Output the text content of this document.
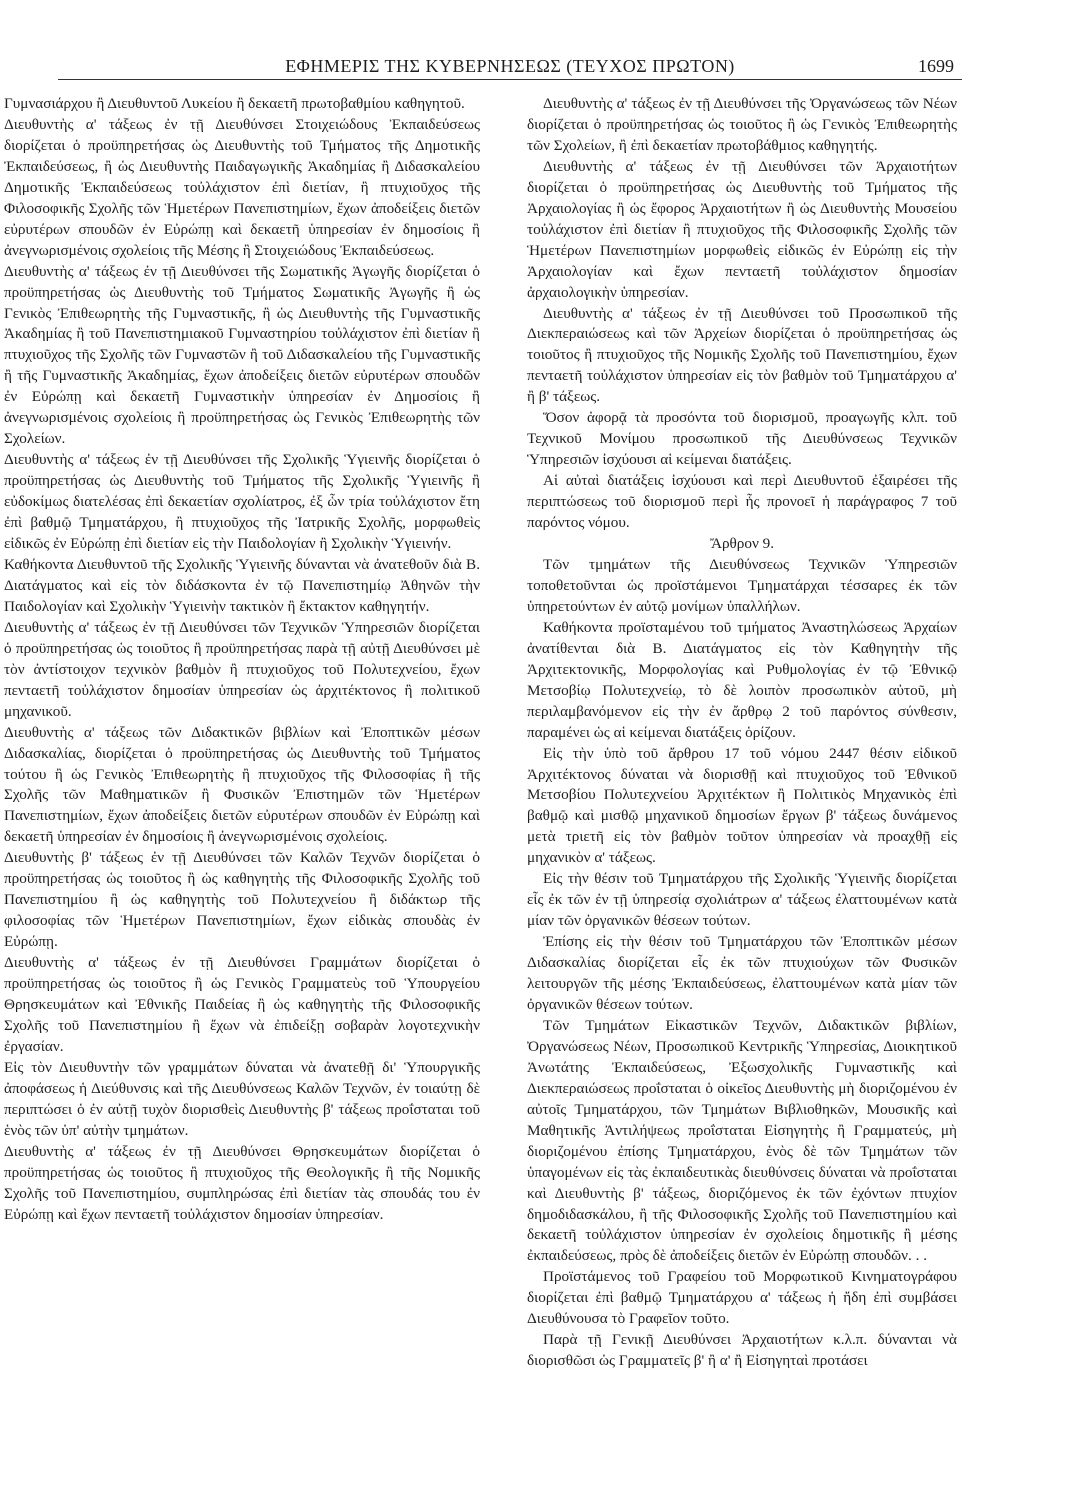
ΕΦΗΜΕΡΙΣ ΤΗΣ ΚΥΒΕΡΝΗΣΕΩΣ (ΤΕΥΧΟΣ ΠΡΩΤΟΝ)	1699

Γυμνασιάρχου ἢ Διευθυντοῦ Λυκείου ἢ δεκαετῆ πρωτοβαθμίου καθηγητοῦ.

Διευθυντὴς α' τάξεως ἐν τῇ Διευθύνσει Στοιχειώδους Ἐκπαιδεύσεως διορίζεται ὁ προϋπηρετήσας ὡς Διευθυντὴς τοῦ Τμήματος τῆς Δημοτικῆς Ἐκπαιδεύσεως, ἢ ὡς Διευθυντὴς Παιδαγωγικῆς Ἀκαδημίας ἢ Διδασκαλείου Δημοτικῆς Ἐκπαιδεύσεως τοὐλάχιστον ἐπὶ διετίαν, ἢ πτυχιοῦχος τῆς Φιλοσοφικῆς Σχολῆς τῶν Ἡμετέρων Πανεπιστημίων, ἔχων ἀποδείξεις διετῶν εὐρυτέρων σπουδῶν ἐν Εὐρώπῃ καὶ δεκαετῆ ὑπηρεσίαν ἐν δημοσίοις ἢ ἀνεγνωρισμένοις σχολείοις τῆς Μέσης ἢ Στοιχειώδους Ἐκπαιδεύσεως.

Διευθυντὴς α' τάξεως ἐν τῇ Διευθύνσει τῆς Σωματικῆς Ἀγωγῆς διορίζεται ὁ προϋπηρετήσας ὡς Διευθυντὴς τοῦ Τμήματος Σωματικῆς Ἀγωγῆς ἢ ὡς Γενικὸς Ἐπιθεωρητὴς τῆς Γυμναστικῆς, ἢ ὡς Διευθυντὴς τῆς Γυμναστικῆς Ἀκαδημίας ἢ τοῦ Πανεπιστημιακοῦ Γυμναστηρίου τοὐλάχιστον ἐπὶ διετίαν ἢ πτυχιοῦχος τῆς Σχολῆς τῶν Γυμναστῶν ἢ τοῦ Διδασκαλείου τῆς Γυμναστικῆς ἢ τῆς Γυμναστικῆς Ἀκαδημίας, ἔχων ἀποδείξεις διετῶν εὐρυτέρων σπουδῶν ἐν Εὐρώπῃ καὶ δεκαετῆ Γυμναστικὴν ὑπηρεσίαν ἐν Δημοσίοις ἢ ἀνεγνωρισμένοις σχολείοις ἢ προϋπηρετήσας ὡς Γενικὸς Ἐπιθεωρητὴς τῶν Σχολείων.

Διευθυντὴς α' τάξεως ἐν τῇ Διευθύνσει τῆς Σχολικῆς Ὑγιεινῆς διορίζεται ὁ προϋπηρετήσας ὡς Διευθυντὴς τοῦ Τμήματος τῆς Σχολικῆς Ὑγιεινῆς ἢ εὐδοκίμως διατελέσας ἐπὶ δεκαετίαν σχολίατρος, ἐξ ὧν τρία τοὐλάχιστον ἔτη ἐπὶ βαθμῷ Τμηματάρχου, ἢ πτυχιοῦχος τῆς Ἰατρικῆς Σχολῆς, μορφωθεὶς εἰδικῶς ἐν Εὐρώπῃ ἐπὶ διετίαν εἰς τὴν Παιδολογίαν ἢ Σχολικὴν Ὑγιεινήν.

Καθήκοντα Διευθυντοῦ τῆς Σχολικῆς Ὑγιεινῆς δύνανται νὰ ἀνατεθοῦν διὰ Β. Διατάγματος καὶ εἰς τὸν διδάσκοντα ἐν τῷ Πανεπιστημίῳ Ἀθηνῶν τὴν Παιδολογίαν καὶ Σχολικὴν Ὑγιεινὴν τακτικὸν ἢ ἔκτακτον καθηγητήν.

Διευθυντὴς α' τάξεως ἐν τῇ Διευθύνσει τῶν Τεχνικῶν Ὑπηρεσιῶν διορίζεται ὁ προϋπηρετήσας ὡς τοιοῦτος ἢ προϋπηρετήσας παρὰ τῇ αὐτῇ Διευθύνσει μὲ τὸν ἀντίστοιχον τεχνικὸν βαθμὸν ἢ πτυχιοῦχος τοῦ Πολυτεχνείου, ἔχων πενταετῆ τοὐλάχιστον δημοσίαν ὑπηρεσίαν ὡς ἀρχιτέκτονος ἢ πολιτικοῦ μηχανικοῦ.

Διευθυντὴς α' τάξεως τῶν Διδακτικῶν βιβλίων καὶ Ἐποπτικῶν μέσων Διδασκαλίας, διορίζεται ὁ προϋπηρετήσας ὡς Διευθυντὴς τοῦ Τμήματος τούτου ἢ ὡς Γενικὸς Ἐπιθεωρητὴς ἢ πτυχιοῦχος τῆς Φιλοσοφίας ἢ τῆς Σχολῆς τῶν Μαθηματικῶν ἢ Φυσικῶν Ἐπιστημῶν τῶν Ἡμετέρων Πανεπιστημίων, ἔχων ἀποδείξεις διετῶν εὐρυτέρων σπουδῶν ἐν Εὐρώπῃ καὶ δεκαετῆ ὑπηρεσίαν ἐν δημοσίοις ἢ ἀνεγνωρισμένοις σχολείοις.

Διευθυντὴς β' τάξεως ἐν τῇ Διευθύνσει τῶν Καλῶν Τεχνῶν διορίζεται ὁ προϋπηρετήσας ὡς τοιοῦτος ἢ ὡς καθηγητὴς τῆς Φιλοσοφικῆς Σχολῆς τοῦ Πανεπιστημίου ἢ ὡς καθηγητὴς τοῦ Πολυτεχνείου ἢ διδάκτωρ τῆς φιλοσοφίας τῶν Ἡμετέρων Πανεπιστημίων, ἔχων εἰδικὰς σπουδὰς ἐν Εὐρώπῃ.

Διευθυντὴς α' τάξεως ἐν τῇ Διευθύνσει Γραμμάτων διορίζεται ὁ προϋπηρετήσας ὡς τοιοῦτος ἢ ὡς Γενικὸς Γραμματεὺς τοῦ Ὑπουργείου Θρησκευμάτων καὶ Ἐθνικῆς Παιδείας ἢ ὡς καθηγητὴς τῆς Φιλοσοφικῆς Σχολῆς τοῦ Πανεπιστημίου ἢ ἔχων νὰ ἐπιδείξῃ σοβαρὰν λογοτεχνικὴν ἐργασίαν.

Εἰς τὸν Διευθυντὴν τῶν γραμμάτων δύναται νὰ ἀνατεθῇ δι' Ὑπουργικῆς ἀποφάσεως ἡ Διεύθυνσις καὶ τῆς Διευθύνσεως Καλῶν Τεχνῶν, ἐν τοιαύτῃ δὲ περιπτώσει ὁ ἐν αὐτῇ τυχὸν διορισθεὶς Διευθυντὴς β' τάξεως προΐσταται τοῦ ἑνὸς τῶν ὑπ' αὐτὴν τμημάτων.

Διευθυντὴς α' τάξεως ἐν τῇ Διευθύνσει Θρησκευμάτων διορίζεται ὁ προϋπηρετήσας ὡς τοιοῦτος ἢ πτυχιοῦχος τῆς Θεολογικῆς ἢ τῆς Νομικῆς Σχολῆς τοῦ Πανεπιστημίου, συμπληρώσας ἐπὶ διετίαν τὰς σπουδάς του ἐν Εὐρώπῃ καὶ ἔχων πενταετῆ τοὐλάχιστον δημοσίαν ὑπηρεσίαν.

Διευθυντὴς α' τάξεως ἐν τῇ Διευθύνσει τῆς Ὀργανώσεως τῶν Νέων διορίζεται ὁ προϋπηρετήσας ὡς τοιοῦτος ἢ ὡς Γενικὸς Ἐπιθεωρητὴς τῶν Σχολείων, ἢ ἐπὶ δεκαετίαν πρωτοβάθμιος καθηγητής.

Διευθυντὴς α' τάξεως ἐν τῇ Διευθύνσει τῶν Ἀρχαιοτήτων διορίζεται ὁ προϋπηρετήσας ὡς Διευθυντὴς τοῦ Τμήματος τῆς Ἀρχαιολογίας ἢ ὡς ἔφορος Ἀρχαιοτήτων ἢ ὡς Διευθυντὴς Μουσείου τοὐλάχιστον ἐπὶ διετίαν ἢ πτυχιοῦχος τῆς Φιλοσοφικῆς Σχολῆς τῶν Ἡμετέρων Πανεπιστημίων μορφωθεὶς εἰδικῶς ἐν Εὐρώπῃ εἰς τὴν Ἀρχαιολογίαν καὶ ἔχων πενταετῆ τοὐλάχιστον δημοσίαν ἀρχαιολογικὴν ὑπηρεσίαν.

Διευθυντὴς α' τάξεως ἐν τῇ Διευθύνσει τοῦ Προσωπικοῦ τῆς Διεκπεραιώσεως καὶ τῶν Ἀρχείων διορίζεται ὁ προϋπηρετήσας ὡς τοιοῦτος ἢ πτυχιοῦχος τῆς Νομικῆς Σχολῆς τοῦ Πανεπιστημίου, ἔχων πενταετῆ τοὐλάχιστον ὑπηρεσίαν εἰς τὸν βαθμὸν τοῦ Τμηματάρχου α' ἢ β' τάξεως.

Ὅσον ἀφορᾷ τὰ προσόντα τοῦ διορισμοῦ, προαγωγῆς κλπ. τοῦ Τεχνικοῦ Μονίμου προσωπικοῦ τῆς Διευθύνσεως Τεχνικῶν Ὑπηρεσιῶν ἰσχύουσι αἱ κείμεναι διατάξεις.

Αἱ αὐταὶ διατάξεις ἰσχύουσι καὶ περὶ Διευθυντοῦ ἐξαιρέσει τῆς περιπτώσεως τοῦ διορισμοῦ περὶ ἧς προνοεῖ ἡ παράγραφος 7 τοῦ παρόντος νόμου.

Ἄρθρον 9.

Τῶν τμημάτων τῆς Διευθύνσεως Τεχνικῶν Ὑπηρεσιῶν τοποθετοῦνται ὡς προϊστάμενοι Τμηματάρχαι τέσσαρες ἐκ τῶν ὑπηρετούντων ἐν αὐτῷ μονίμων ὑπαλλήλων.

Καθήκοντα προϊσταμένου τοῦ τμήματος Ἀναστηλώσεως Ἀρχαίων ἀνατίθενται διὰ Β. Διατάγματος εἰς τὸν Καθηγητὴν τῆς Ἀρχιτεκτονικῆς, Μορφολογίας καὶ Ρυθμολογίας ἐν τῷ Ἐθνικῷ Μετσοβίῳ Πολυτεχνείῳ, τὸ δὲ λοιπὸν προσωπικὸν αὐτοῦ, μὴ περιλαμβανόμενον εἰς τὴν ἐν ἄρθρῳ 2 τοῦ παρόντος σύνθεσιν, παραμένει ὡς αἱ κείμεναι διατάξεις ὁρίζουν.

Εἰς τὴν ὑπὸ τοῦ ἄρθρου 17 τοῦ νόμου 2447 θέσιν εἰδικοῦ Ἀρχιτέκτονος δύναται νὰ διορισθῇ καὶ πτυχιοῦχος τοῦ Ἐθνικοῦ Μετσοβίου Πολυτεχνείου Ἀρχιτέκτων ἢ Πολιτικὸς Μηχανικὸς ἐπὶ βαθμῷ καὶ μισθῷ μηχανικοῦ δημοσίων ἔργων β' τάξεως δυνάμενος μετὰ τριετῆ εἰς τὸν βαθμὸν τοῦτον ὑπηρεσίαν νὰ προαχθῇ εἰς μηχανικὸν α' τάξεως.

Εἰς τὴν θέσιν τοῦ Τμηματάρχου τῆς Σχολικῆς Ὑγιεινῆς διορίζεται εἷς ἐκ τῶν ἐν τῇ ὑπηρεσίᾳ σχολιάτρων α' τάξεως ἐλαττουμένων κατὰ μίαν τῶν ὀργανικῶν θέσεων τούτων.

Ἐπίσης εἰς τὴν θέσιν τοῦ Τμηματάρχου τῶν Ἐποπτικῶν μέσων Διδασκαλίας διορίζεται εἷς ἐκ τῶν πτυχιούχων τῶν Φυσικῶν λειτουργῶν τῆς μέσης Ἐκπαιδεύσεως, ἐλαττουμένων κατὰ μίαν τῶν ὀργανικῶν θέσεων τούτων.

Τῶν Τμημάτων Εἰκαστικῶν Τεχνῶν, Διδακτικῶν βιβλίων, Ὀργανώσεως Νέων, Προσωπικοῦ Κεντρικῆς Ὑπηρεσίας, Διοικητικοῦ Ἀνωτάτης Ἐκπαιδεύσεως, Ἐξωσχολικῆς Γυμναστικῆς καὶ Διεκπεραιώσεως προΐσταται ὁ οἰκεῖος Διευθυντὴς μὴ διοριζομένου ἐν αὐτοῖς Τμηματάρχου, τῶν Τμημάτων Βιβλιοθηκῶν, Μουσικῆς καὶ Μαθητικῆς Ἀντιλήψεως προΐσταται Εἰσηγητὴς ἢ Γραμματεύς, μὴ διοριζομένου ἐπίσης Τμηματάρχου, ἑνὸς δὲ τῶν Τμημάτων τῶν ὑπαγομένων εἰς τὰς ἐκπαιδευτικὰς διευθύνσεις δύναται νὰ προΐσταται καὶ Διευθυντὴς β' τάξεως, διοριζόμενος ἐκ τῶν ἐχόντων πτυχίον δημοδιδασκάλου, ἢ τῆς Φιλοσοφικῆς Σχολῆς τοῦ Πανεπιστημίου καὶ δεκαετῆ τοὐλάχιστον ὑπηρεσίαν ἐν σχολείοις δημοτικῆς ἢ μέσης ἐκπαιδεύσεως, πρὸς δὲ ἀποδείξεις διετῶν ἐν Εὐρώπῃ σπουδῶν. . .

Προϊστάμενος τοῦ Γραφείου τοῦ Μορφωτικοῦ Κινηματογράφου διορίζεται ἐπὶ βαθμῷ Τμηματάρχου α' τάξεως ἡ ἤδη ἐπὶ συμβάσει Διευθύνουσα τὸ Γραφεῖον τοῦτο.

Παρὰ τῇ Γενικῇ Διευθύνσει Ἀρχαιοτήτων κ.λ.π. δύνανται νὰ διορισθῶσι ὡς Γραμματεῖς β' ἢ α' ἢ Εἰσηγηταὶ προτάσει
